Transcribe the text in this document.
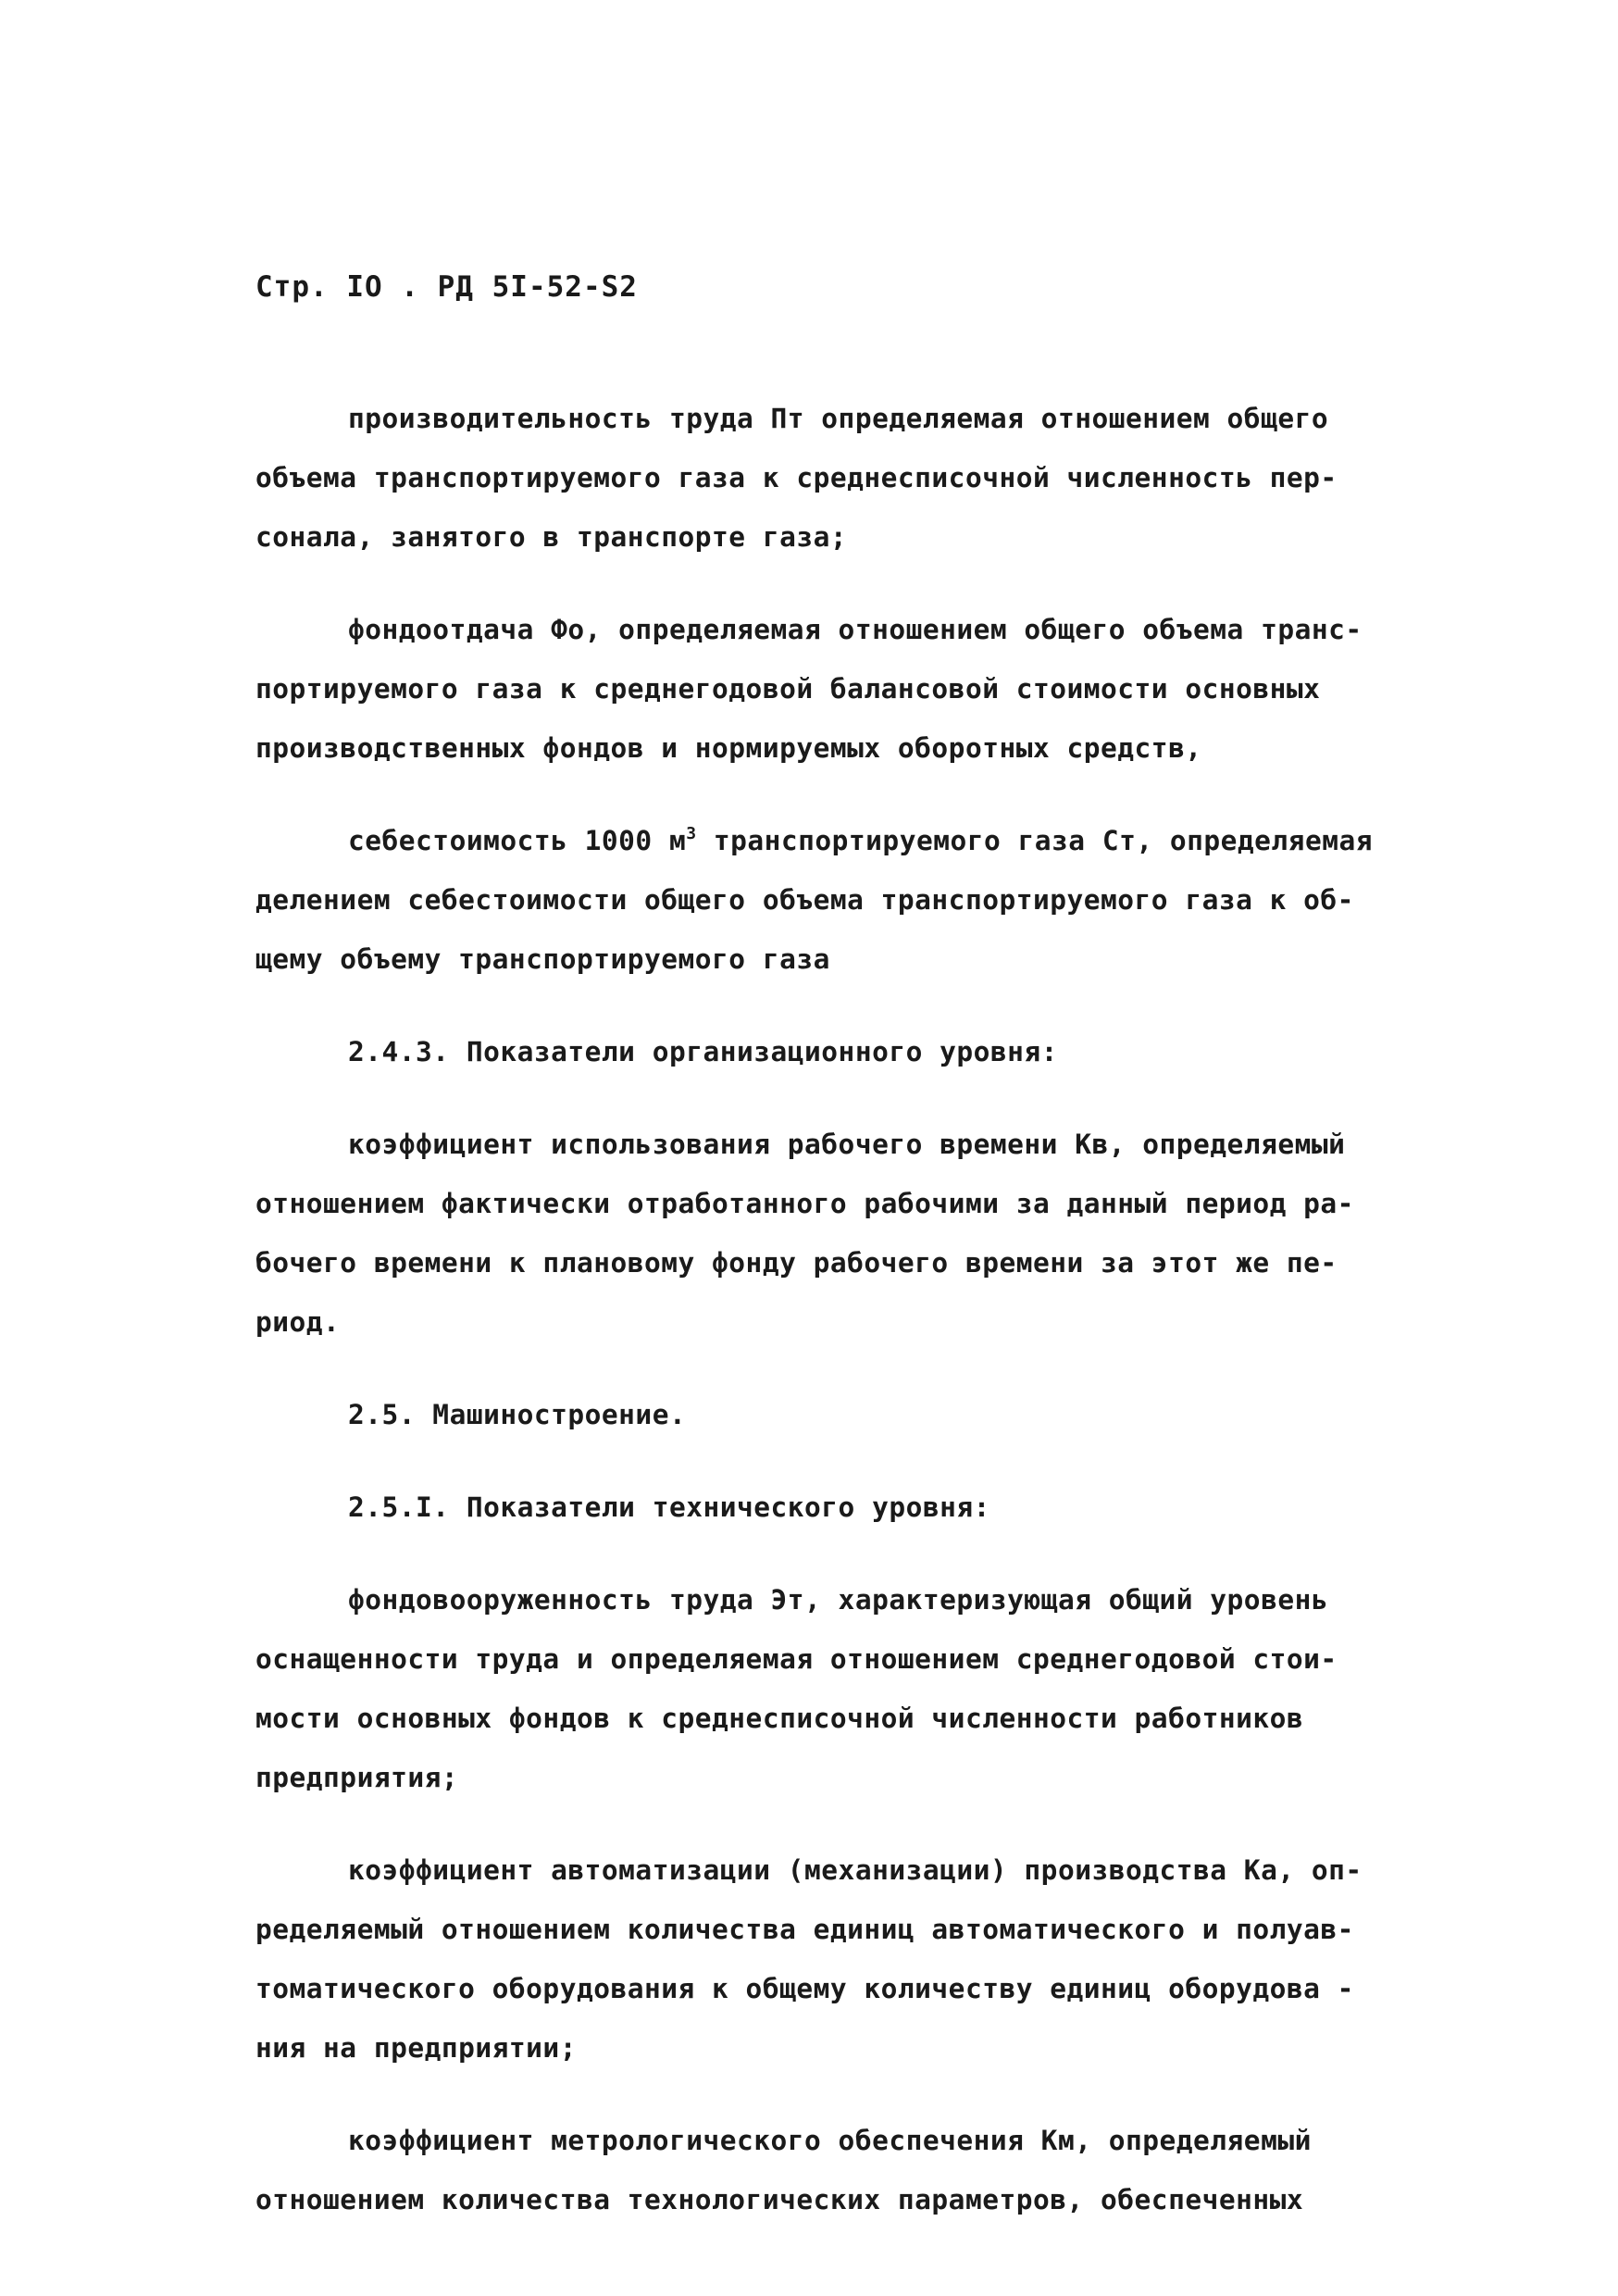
Стр. IO . РД 5I-52-S2
производительность труда Пт определяемая отношением общего
объема транспортируемого газа к среднесписочной численность пер-
сонала, занятого в транспорте газа;
фондоотдача Фо, определяемая отношением общего объема транс-
портируемого газа к среднегодовой балансовой стоимости основных
производственных фондов и нормируемых оборотных средств,
себестоимость 1000 $м^3$ транспортируемого газа Ст, определяемая
делением себестоимости общего объема транспортируемого газа к об-
щему объему транспортируемого газа
2.4.3. Показатели организационного уровня:
коэффициент использования рабочего времени Кв, определяемый
отношением фактически отработанного рабочими за данный период ра-
бочего времени к плановому фонду рабочего времени за этот же пе-
риод.
2.5. Машиностроение.
2.5.I. Показатели технического уровня:
фондовооруженность труда Эт, характеризующая общий уровень
оснащенности труда и определяемая отношением среднегодовой стои-
мости основных фондов к среднесписочной численности работников
предприятия;
коэффициент автоматизации (механизации) производства Ка, оп-
ределяемый отношением количества единиц автоматического и полуав-
томатического оборудования к общему количеству единиц оборудова -
ния на предприятии;
коэффициент метрологического обеспечения Км, определяемый
отношением количества технологических параметров, обеспеченных
